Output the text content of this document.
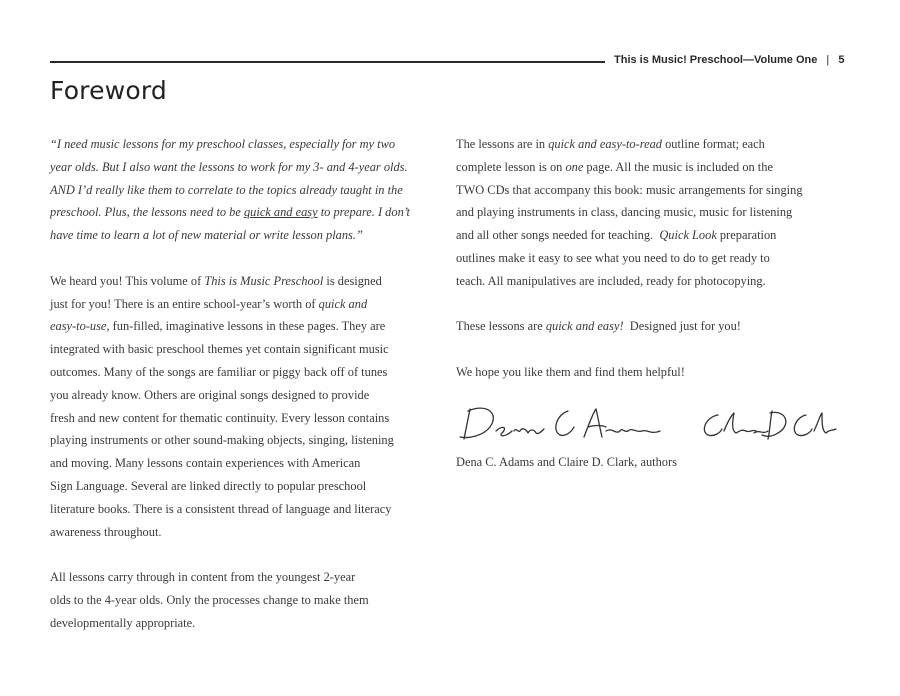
This is Music! Preschool—Volume One | 5
Foreword

“I need music lessons for my preschool classes, especially for my two
year olds. But I also want the lessons to work for my 3- and 4-year olds.
AND I’d really like them to correlate to the topics already taught in the
preschool. Plus, the lessons need to be quick and easy to prepare. I don’t
have time to learn a lot of new material or write lesson plans.”

We heard you! This volume of This is Music Preschool is designed
just for you! There is an entire school-year’s worth of quick and
easy-to-use, fun-filled, imaginative lessons in these pages. They are
integrated with basic preschool themes yet contain significant music
outcomes. Many of the songs are familiar or piggy back off of tunes
you already know. Others are original songs designed to provide
fresh and new content for thematic continuity. Every lesson contains
playing instruments or other sound-making objects, singing, listening
and moving. Many lessons contain experiences with American
Sign Language. Several are linked directly to popular preschool
literature books. There is a consistent thread of language and literacy
awareness throughout.

All lessons carry through in content from the youngest 2-year
olds to the 4-year olds. Only the processes change to make them
developmentally appropriate.

The lessons are in quick and easy-to-read outline format; each
complete lesson is on one page. All the music is included on the
TWO CDs that accompany this book: music arrangements for singing
and playing instruments in class, dancing music, music for listening
and all other songs needed for teaching.  Quick Look preparation
outlines make it easy to see what you need to do to get ready to
teach. All manipulatives are included, ready for photocopying.

These lessons are quick and easy!  Designed just for you!

We hope you like them and find them helpful!

Dena C. Adams and Claire D. Clark, authors
